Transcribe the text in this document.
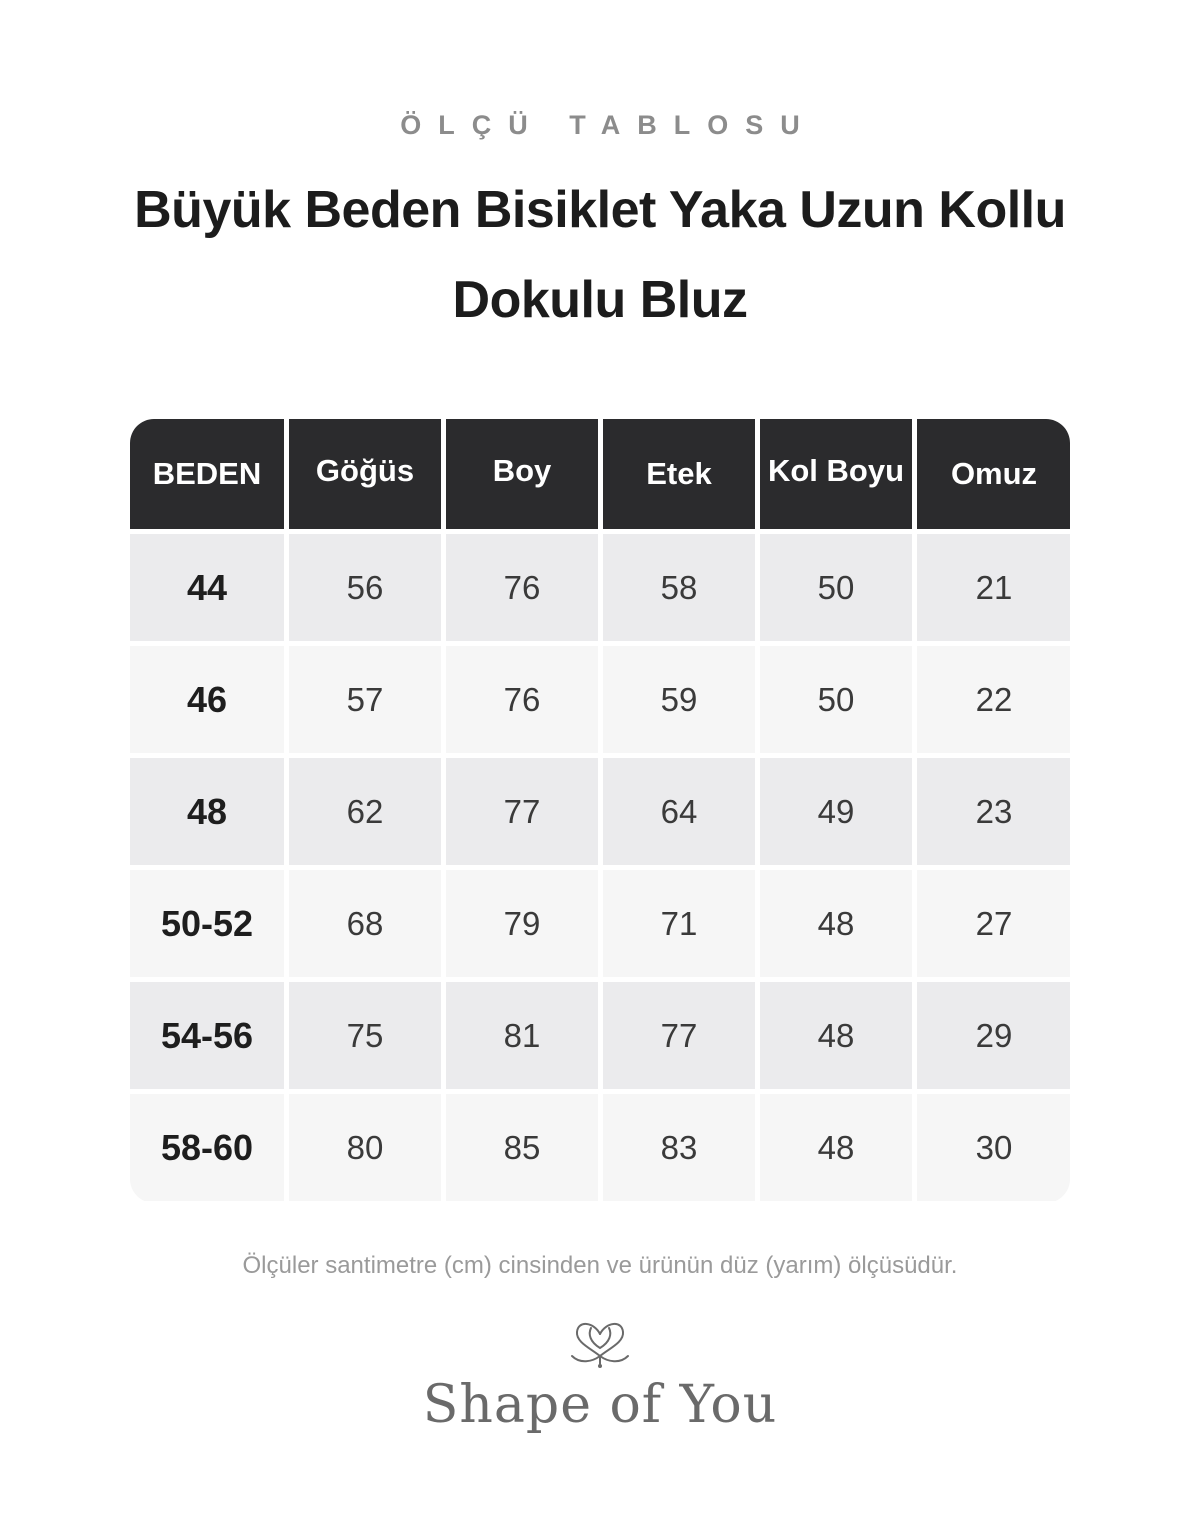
ÖLÇÜ TABLOSU
Büyük Beden Bisiklet Yaka Uzun Kollu Dokulu Bluz
BEDEN	Göğüs	Boy	Etek	Kol Boyu	Omuz
44	56	76	58	50	21
46	57	76	59	50	22
48	62	77	64	49	23
50-52	68	79	71	48	27
54-56	75	81	77	48	29
58-60	80	85	83	48	30

Ölçüler santimetre (cm) cinsinden ve ürünün düz (yarım) ölçüsüdür.

Shape of You
